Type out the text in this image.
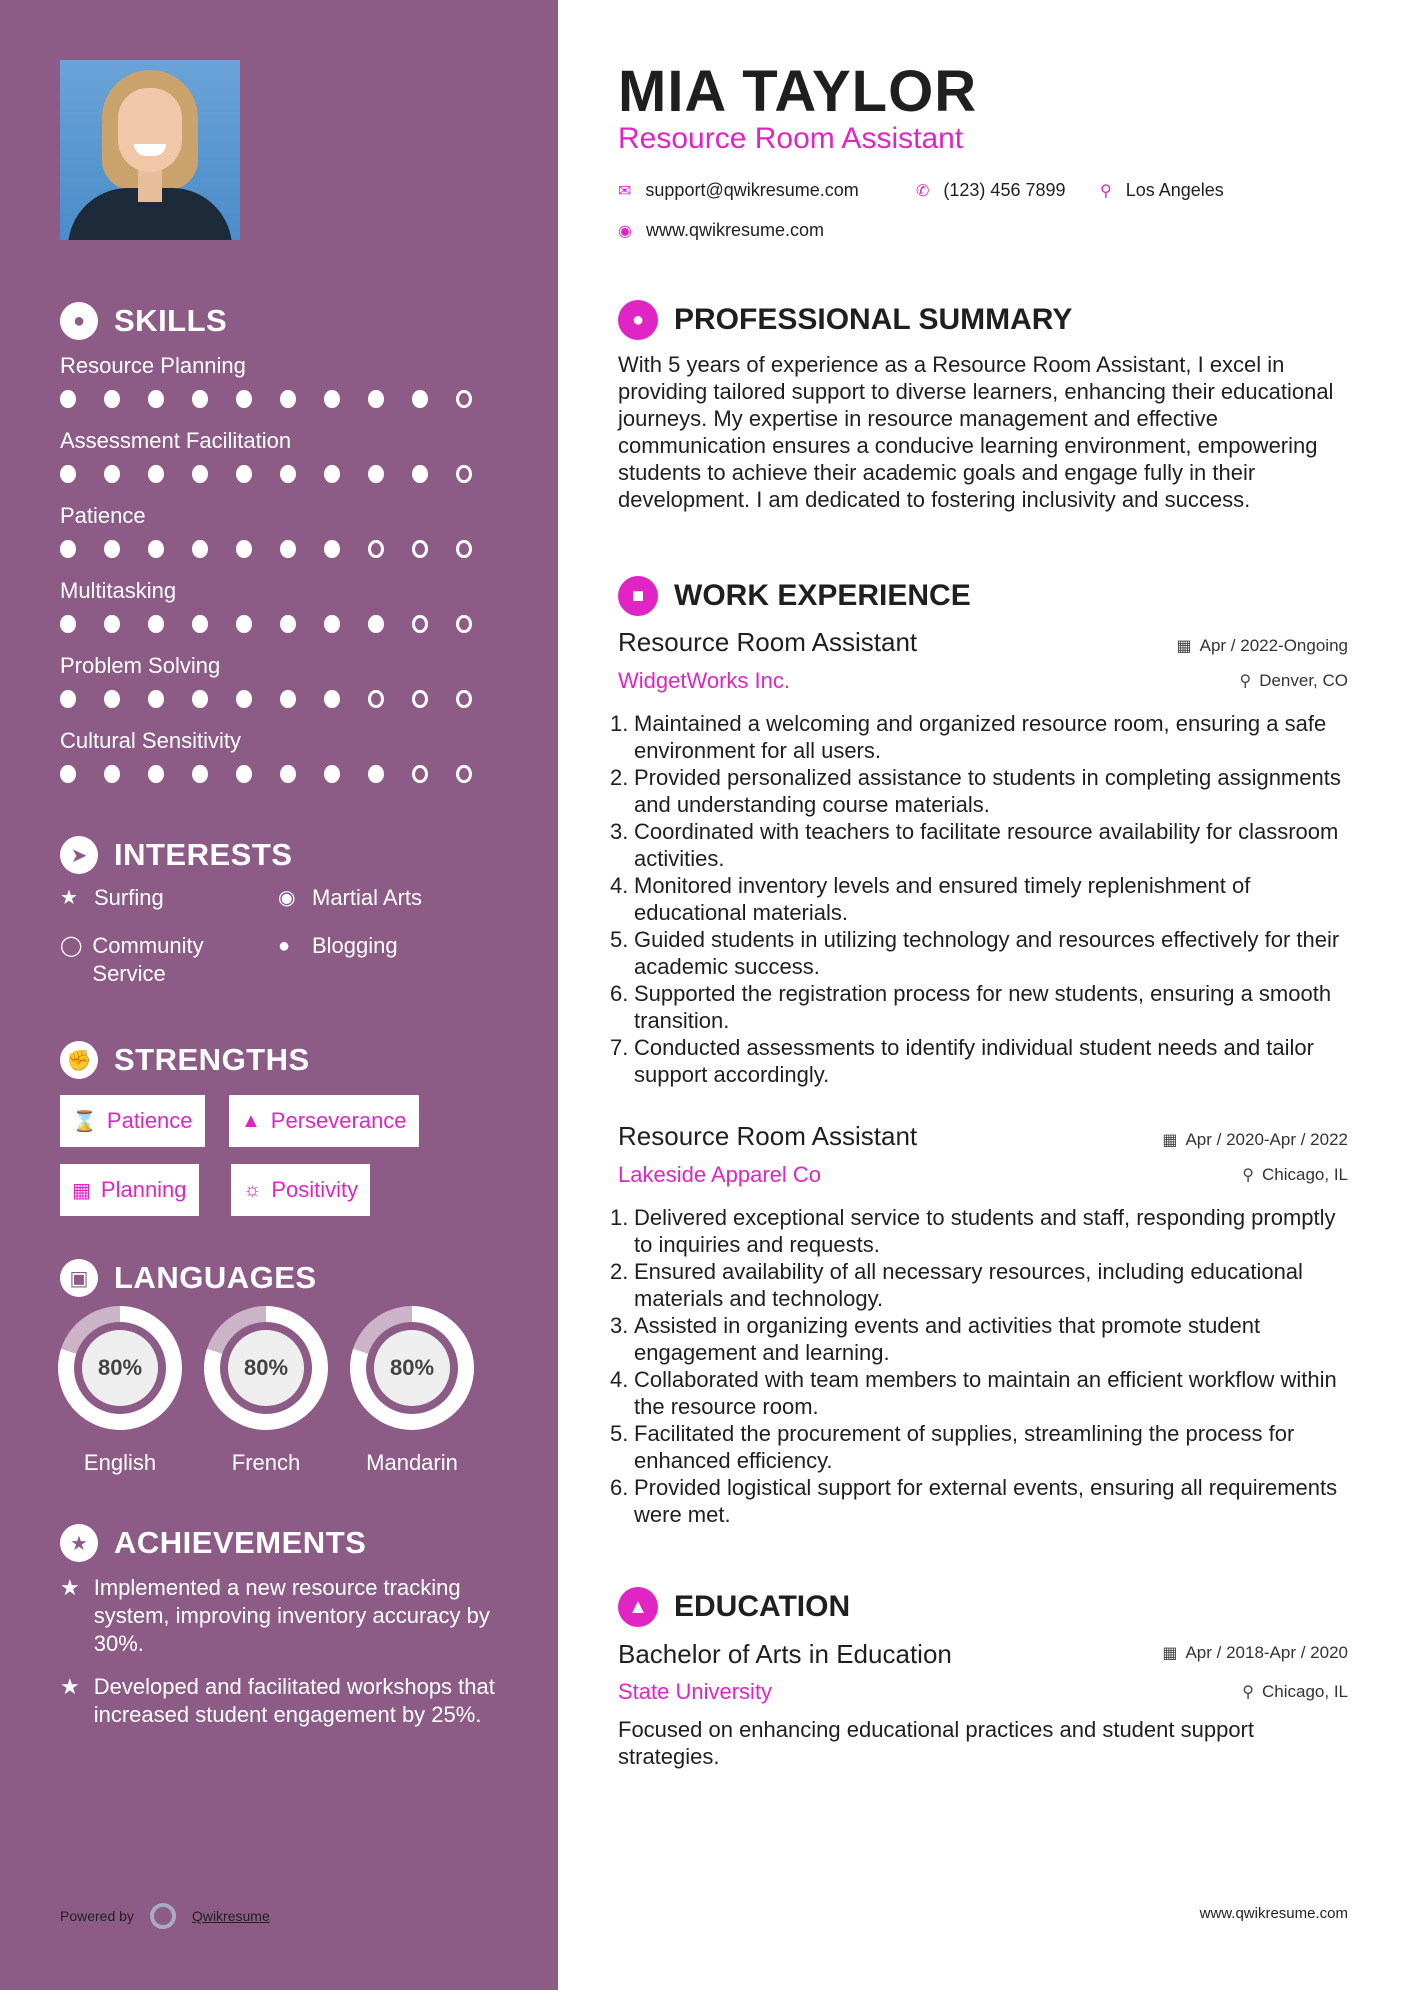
● SKILLS
Resource Planning
Assessment Facilitation
Patience
Multitasking
Problem Solving
Cultural Sensitivity
➤ INTERESTS
★ Surfing	◉ Martial Arts
◯ Community Service
● Blogging
✊ STRENGTHS
⌛ Patience ▲ Perseverance
▦ Planning	☼ Positivity
▣ LANGUAGES
80%
English
80%
French
80%
Mandarin
★ ACHIEVEMENTS
★ Implemented a new resource tracking system, improving inventory accuracy by 30%.
★ Developed and facilitated workshops that increased student engagement by 25%.
Powered by	Qwikresume
MIA TAYLOR
Resource Room Assistant
✉ support@qwikresume.com	✆ (123) 456 7899 ⚲ Los Angeles
◉ www.qwikresume.com
● PROFESSIONAL SUMMARY
With 5 years of experience as a Resource Room Assistant, I excel in providing tailored support to diverse learners, enhancing their educational journeys. My expertise in resource management and effective communication ensures a conducive learning environment, empowering students to achieve their academic goals and engage fully in their development. I am dedicated to fostering inclusivity and success.
■ WORK EXPERIENCE
Resource Room Assistant	▦ Apr / 2022-Ongoing
WidgetWorks Inc.	⚲ Denver, CO
1. Maintained a welcoming and organized resource room, ensuring a safe environment for all users.
2. Provided personalized assistance to students in completing assignments and understanding course materials.
3. Coordinated with teachers to facilitate resource availability for classroom activities.
4. Monitored inventory levels and ensured timely replenishment of educational materials.
5. Guided students in utilizing technology and resources effectively for their academic success.
6. Supported the registration process for new students, ensuring a smooth transition.
7. Conducted assessments to identify individual student needs and tailor support accordingly.
Resource Room Assistant	▦ Apr / 2020-Apr / 2022
Lakeside Apparel Co	⚲ Chicago, IL
1. Delivered exceptional service to students and staff, responding promptly to inquiries and requests.
2. Ensured availability of all necessary resources, including educational materials and technology.
3. Assisted in organizing events and activities that promote student engagement and learning.
4. Collaborated with team members to maintain an efficient workflow within the resource room.
5. Facilitated the procurement of supplies, streamlining the process for enhanced efficiency.
6. Provided logistical support for external events, ensuring all requirements were met.
▲ EDUCATION
Bachelor of Arts in Education	▦ Apr / 2018-Apr / 2020
State University	⚲ Chicago, IL
Focused on enhancing educational practices and student support strategies.
www.qwikresume.com
